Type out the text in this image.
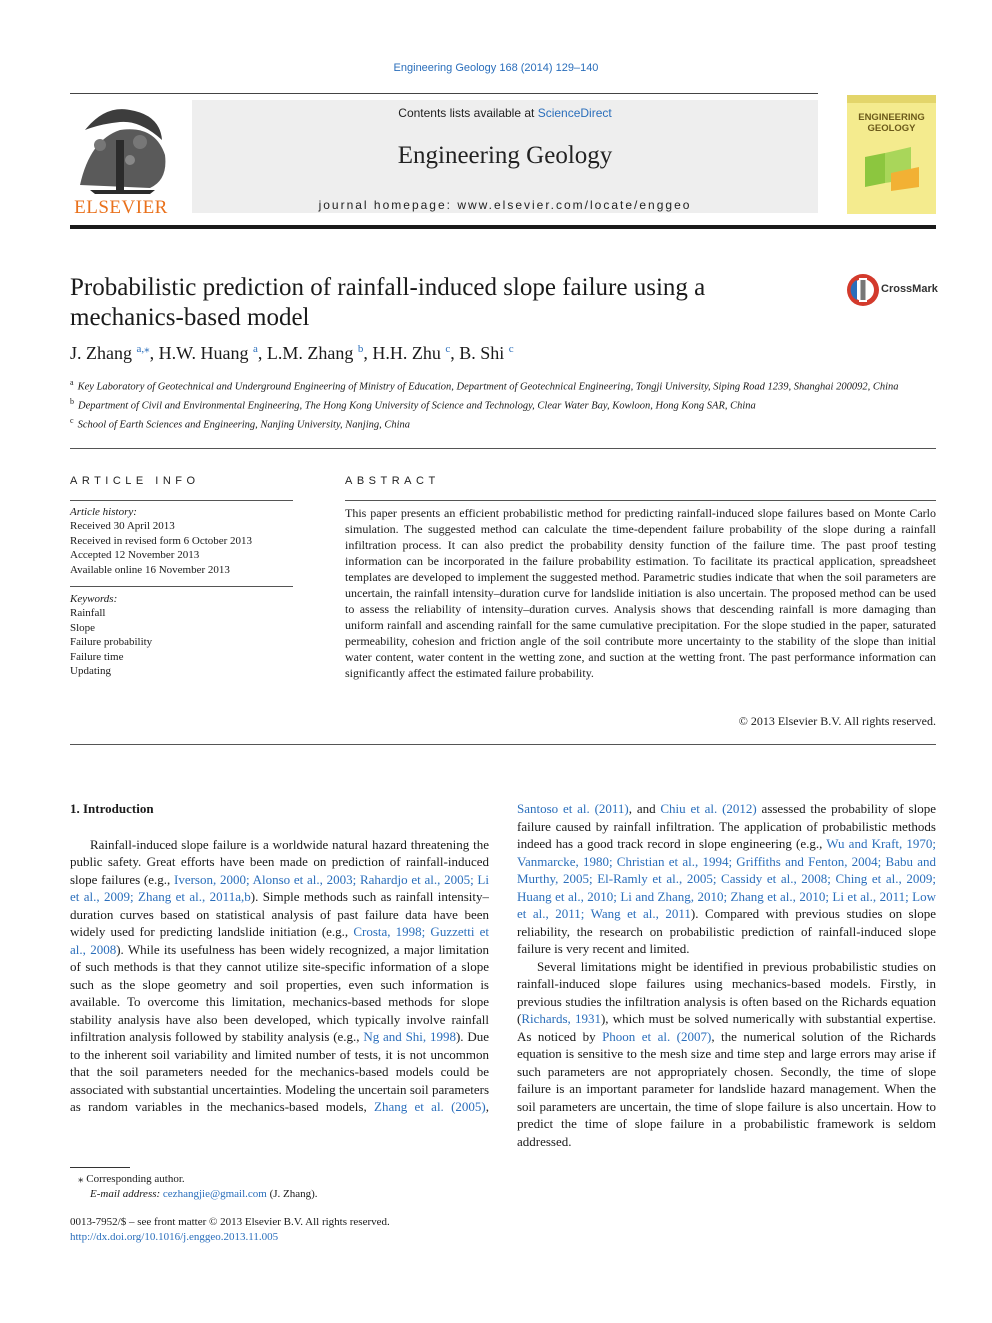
Engineering Geology 168 (2014) 129–140
ELSEVIER
Contents lists available at ScienceDirect
Engineering Geology
journal homepage: www.elsevier.com/locate/enggeo
ENGINEERING
GEOLOGY
Probabilistic prediction of rainfall-induced slope failure using a mechanics-based model
CrossMark
J. Zhang $^{a,⁎}$, H.W. Huang $^a$, L.M. Zhang $^b$, H.H. Zhu $^c$, B. Shi $^c$
$^a$ Key Laboratory of Geotechnical and Underground Engineering of Ministry of Education, Department of Geotechnical Engineering, Tongji University, Siping Road 1239, Shanghai 200092, China
$^b$ Department of Civil and Environmental Engineering, The Hong Kong University of Science and Technology, Clear Water Bay, Kowloon, Hong Kong SAR, China
$^c$ School of Earth Sciences and Engineering, Nanjing University, Nanjing, China
ARTICLE INFO
Article history:
Received 30 April 2013
Received in revised form 6 October 2013
Accepted 12 November 2013
Available online 16 November 2013
Keywords:
Rainfall
Slope
Failure probability
Failure time
Updating
ABSTRACT
This paper presents an efficient probabilistic method for predicting rainfall-induced slope failures based on Monte Carlo simulation. The suggested method can calculate the time-dependent failure probability of the slope during a rainfall infiltration process. It can also predict the probability density function of the failure time. The past proof testing information can be incorporated in the failure probability estimation. To facilitate its practical application, spreadsheet templates are developed to implement the suggested method. Parametric studies indicate that when the soil parameters are uncertain, the rainfall intensity–duration curve for landslide initiation is also uncertain. The proposed method can be used to assess the reliability of intensity–duration curves. Analysis shows that descending rainfall is more damaging than uniform rainfall and ascending rainfall for the same cumulative precipitation. For the slope studied in the paper, saturated permeability, cohesion and friction angle of the soil contribute more uncertainty to the stability of the slope than initial water content, water content in the wetting zone, and suction at the wetting front. The past performance information can significantly affect the estimated failure probability.
© 2013 Elsevier B.V. All rights reserved.
1. Introduction

Rainfall-induced slope failure is a worldwide natural hazard threatening the public safety. Great efforts have been made on prediction of rainfall-induced slope failures (e.g., Iverson, 2000; Alonso et al., 2003; Rahardjo et al., 2005; Li et al., 2009; Zhang et al., 2011a,b). Simple methods such as rainfall intensity–duration curves based on statistical analysis of past failure data have been widely used for predicting landslide initiation (e.g., Crosta, 1998; Guzzetti et al., 2008). While its usefulness has been widely recognized, a major limitation of such methods is that they cannot utilize site-specific information of a slope such as the slope geometry and soil properties, even such information is available. To overcome this limitation, mechanics-based methods for slope stability analysis have also been developed, which typically involve rainfall infiltration analysis followed by stability analysis (e.g., Ng and Shi, 1998). Due to the inherent soil variability and limited number of tests, it is not uncommon that the soil parameters needed for the mechanics-based models could be associated with substantial uncertainties. Modeling the uncertain soil parameters as random variables in the mechanics-based models, Zhang et al. (2005),

Santoso et al. (2011), and Chiu et al. (2012) assessed the probability of slope failure caused by rainfall infiltration. The application of probabilistic methods indeed has a good track record in slope engineering (e.g., Wu and Kraft, 1970; Vanmarcke, 1980; Christian et al., 1994; Griffiths and Fenton, 2004; Babu and Murthy, 2005; El-Ramly et al., 2005; Cassidy et al., 2008; Ching et al., 2009; Huang et al., 2010; Li and Zhang, 2010; Zhang et al., 2010; Li et al., 2011; Low et al., 2011; Wang et al., 2011). Compared with previous studies on slope reliability, the research on probabilistic prediction of rainfall-induced slope failure is very recent and limited.

Several limitations might be identified in previous probabilistic studies on rainfall-induced slope failures using mechanics-based models. Firstly, in previous studies the infiltration analysis is often based on the Richards equation (Richards, 1931), which must be solved numerically with substantial expertise. As noticed by Phoon et al. (2007), the numerical solution of the Richards equation is sensitive to the mesh size and time step and large errors may arise if such parameters are not appropriately chosen. Secondly, the time of slope failure is an important parameter for landslide hazard management. When the soil parameters are uncertain, the time of slope failure is also uncertain. How to predict the time of slope failure in a probabilistic framework is seldom addressed.

⁎ Corresponding author.
E-mail address: cezhangjie@gmail.com (J. Zhang).
0013-7952/$ – see front matter © 2013 Elsevier B.V. All rights reserved.
http://dx.doi.org/10.1016/j.enggeo.2013.11.005
